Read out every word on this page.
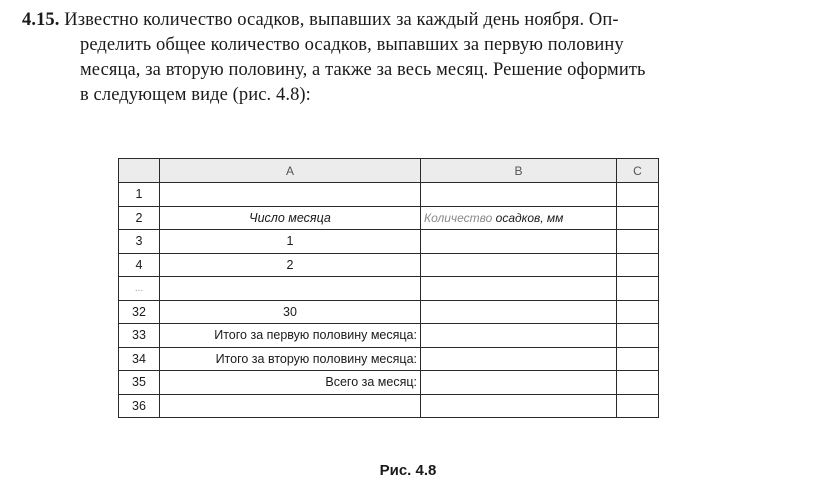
4.15. Известно количество осадков, выпавших за каждый день ноября. Оп-
ределить общее количество осадков, выпавших за первую половину
месяца, за вторую половину, а также за весь месяц. Решение оформить
в следующем виде (рис. 4.8):
	A	B	C
1			
2	Число месяца	Количество осадков, мм	
3	1		
4	2		
...			
32	30		
33	Итого за первую половину месяца:		
34	Итого за вторую половину месяца:		
35	Всего за месяц:		
36			
Рис. 4.8
